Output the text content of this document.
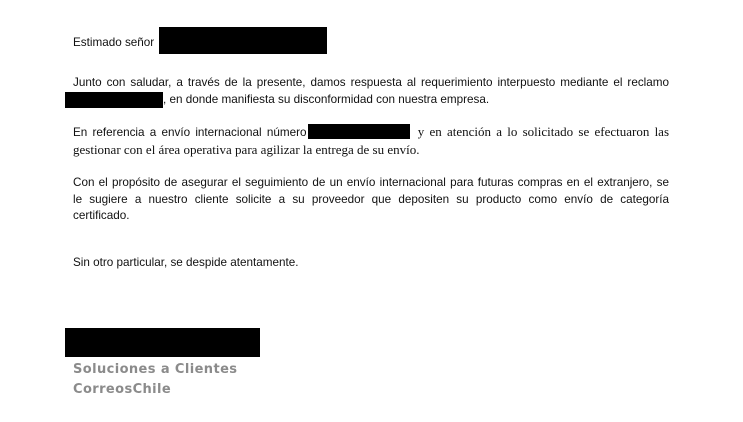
Estimado señor
Junto con saludar, a través de la presente, damos respuesta al requerimiento interpuesto mediante el reclamo
, en donde manifiesta su disconformidad con nuestra empresa.
En referencia a envío internacional número	y en atención a lo solicitado se efectuaron las
gestionar con el área operativa para agilizar la entrega de su envío.
Con el propósito de asegurar el seguimiento de un envío internacional para futuras compras en el extranjero, se
le sugiere a nuestro cliente solicite a su proveedor que depositen su producto como envío de categoría
certificado.
Sin otro particular, se despide atentamente.
Soluciones a Clientes
CorreosChile
